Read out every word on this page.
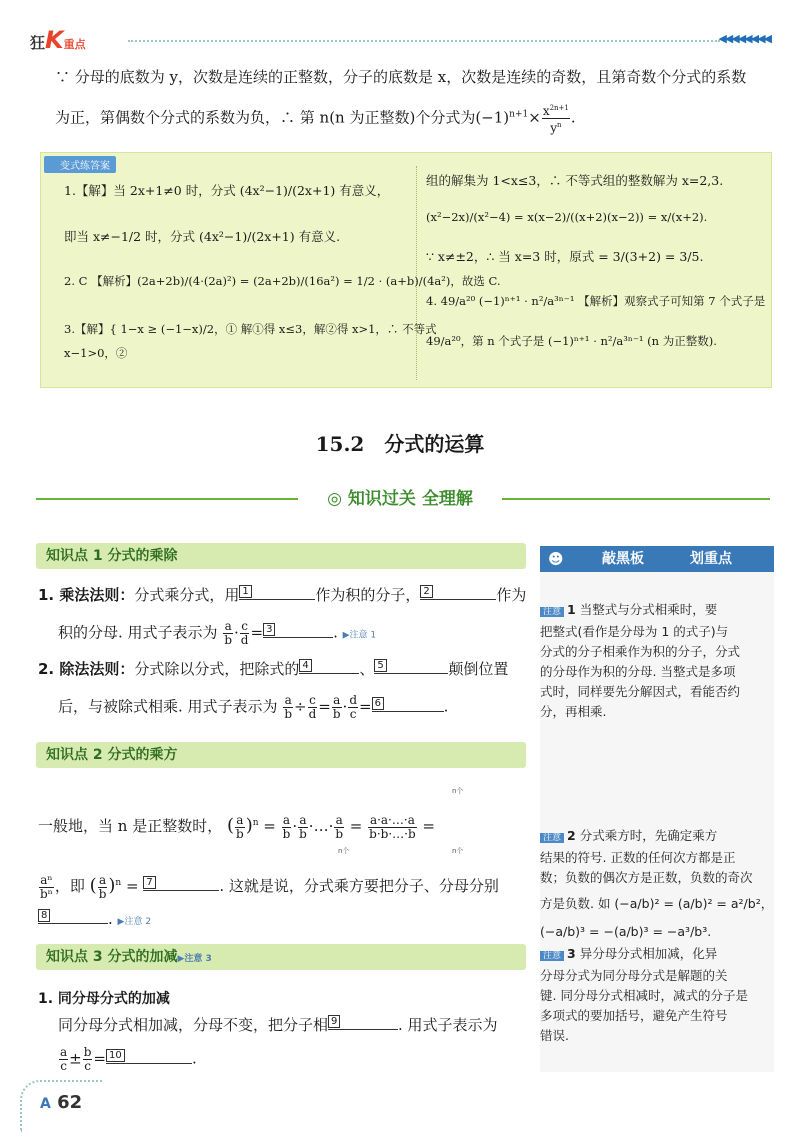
狂K重点	◀◀◀◀◀◀◀◀
∵ 分母的底数为 y，次数是连续的正整数，分子的底数是 x，次数是连续的奇数，且第奇数个分式的系数
为正，第偶数个分式的系数为负，∴ 第 n(n 为正整数)个分式为$(-1)^{n+1}\times \frac{x^{2n+1}}{y^n}$ .
变式练答案
1.【解】当 2x+1≠0 时，分式 (4x²−1)/(2x+1) 有意义，
即当 x≠−1/2 时，分式 (4x²−1)/(2x+1) 有意义.
2. C 【解析】(2a+2b)/(4·(2a)²) = (2a+2b)/(16a²) = 1/2 · (a+b)/(4a²)，故选 C.
3.【解】{ 1−x ≥ (−1−x)/2，① 解①得 x≤3，解②得 x>1，∴ 不等式
x−1>0，②
组的解集为 1<x≤3，∴ 不等式组的整数解为 x=2,3.
(x²−2x)/(x²−4) = x(x−2)/((x+2)(x−2)) = x/(x+2).
∵ x≠±2，∴ 当 x=3 时，原式 = 3/(3+2) = 3/5.
4. 49/a²⁰ (−1)ⁿ⁺¹ · n²/a³ⁿ⁻¹ 【解析】观察式子可知第 7 个式子是
49/a²⁰，第 n 个式子是 (−1)ⁿ⁺¹ · n²/a³ⁿ⁻¹ (n 为正整数).
15.2 分式的运算
◎ 知识过关 全理解
知识点 1 分式的乘除
1. 乘法法则：分式乘分式，用 1	作为积的分子， 2	作为
积的分母. 用式子表示为 $\frac{a}{b} \cdot \frac{c}{d} = 3$	. ▶注意 1
2. 除法法则：分式除以分式，把除式的 4	、 5	颠倒位置
后，与被除式相乘. 用式子表示为 $\frac{a}{b} \div \frac{c}{d} = \frac{a}{b} \cdot \frac{d}{c} = 6$	.
知识点 2 分式的乘方
一般地，当 n 是正整数时， ( $\frac{a}{b} )^n = \frac{a}{b} \cdot \frac{a}{b}$ ·…· $\frac{a}{b} = \frac{a\cdot a\cdot\dots\cdot a}{b\cdot b\cdot\dots\cdot b}$ =
n个
n个	n个
$\frac{\text{aⁿ}}{\text{bⁿ}}$ ，即 ( $\frac{a}{b} )^n = 7$	. 这就是说，分式乘方要把分子、分母分别
8	. ▶注意 2
知识点 3 分式的加减▶注意 3
1. 同分母分式的加减
同分母分式相加减，分母不变，把分子相 9	. 用式子表示为
$\frac{a}{c} \pm \frac{b}{c} = 10$	.
☻	敲黑板	划重点
注意 1 当整式与分式相乘时，要
把整式(看作是分母为 1 的式子)与
分式的分子相乘作为积的分子，分式
的分母作为积的分母. 当整式是多项
式时，同样要先分解因式，看能否约
分，再相乘.
注意 2 分式乘方时，先确定乘方
结果的符号. 正数的任何次方都是正
数；负数的偶次方是正数，负数的奇次
方是负数. 如 (−a/b)² = (a/b)² = a²/b²，
(−a/b)³ = −(a/b)³ = −a³/b³.
注意 3 异分母分式相加减，化异
分母分式为同分母分式是解题的关
键. 同分母分式相减时，减式的分子是
多项式的要加括号，避免产生符号
错误.
A 62
